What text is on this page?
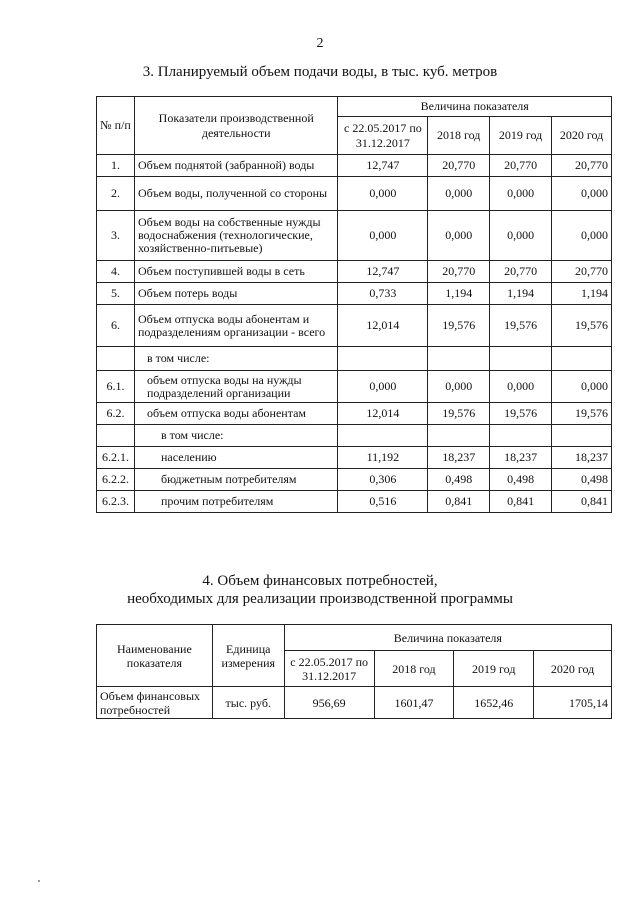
2
3. Планируемый объем подачи воды, в тыс. куб. метров
№ п/п	Показатели производственной деятельности	Величина показателя			
		с 22.05.2017 по 31.12.2017	2018 год	2019 год	2020 год
1.	Объем поднятой (забранной) воды	12,747	20,770	20,770	20,770
2.	Объем воды, полученной со стороны	0,000	0,000	0,000	0,000
3.	Объем воды на собственные нужды водоснабжения (технологические, хозяйственно-питьевые)	0,000	0,000	0,000	0,000
4.	Объем поступившей воды в сеть	12,747	20,770	20,770	20,770
5.	Объем потерь воды	0,733	1,194	1,194	1,194
6.	Объем отпуска воды абонентам и подразделениям организации - всего	12,014	19,576	19,576	19,576
	в том числе:				
6.1.	объем отпуска воды на нужды подразделений организации	0,000	0,000	0,000	0,000
6.2.	объем отпуска воды абонентам	12,014	19,576	19,576	19,576
	в том числе:				
6.2.1.	населению	11,192	18,237	18,237	18,237
6.2.2.	бюджетным потребителям	0,306	0,498	0,498	0,498
6.2.3.	прочим потребителям	0,516	0,841	0,841	0,841
4. Объем финансовых потребностей,
необходимых для реализации производственной программы
Наименование показателя	Единица измерения	Величина показателя			
		с 22.05.2017 по 31.12.2017	2018 год	2019 год	2020 год
Объем финансовых потребностей	тыс. руб.	956,69	1601,47	1652,46	1705,14
